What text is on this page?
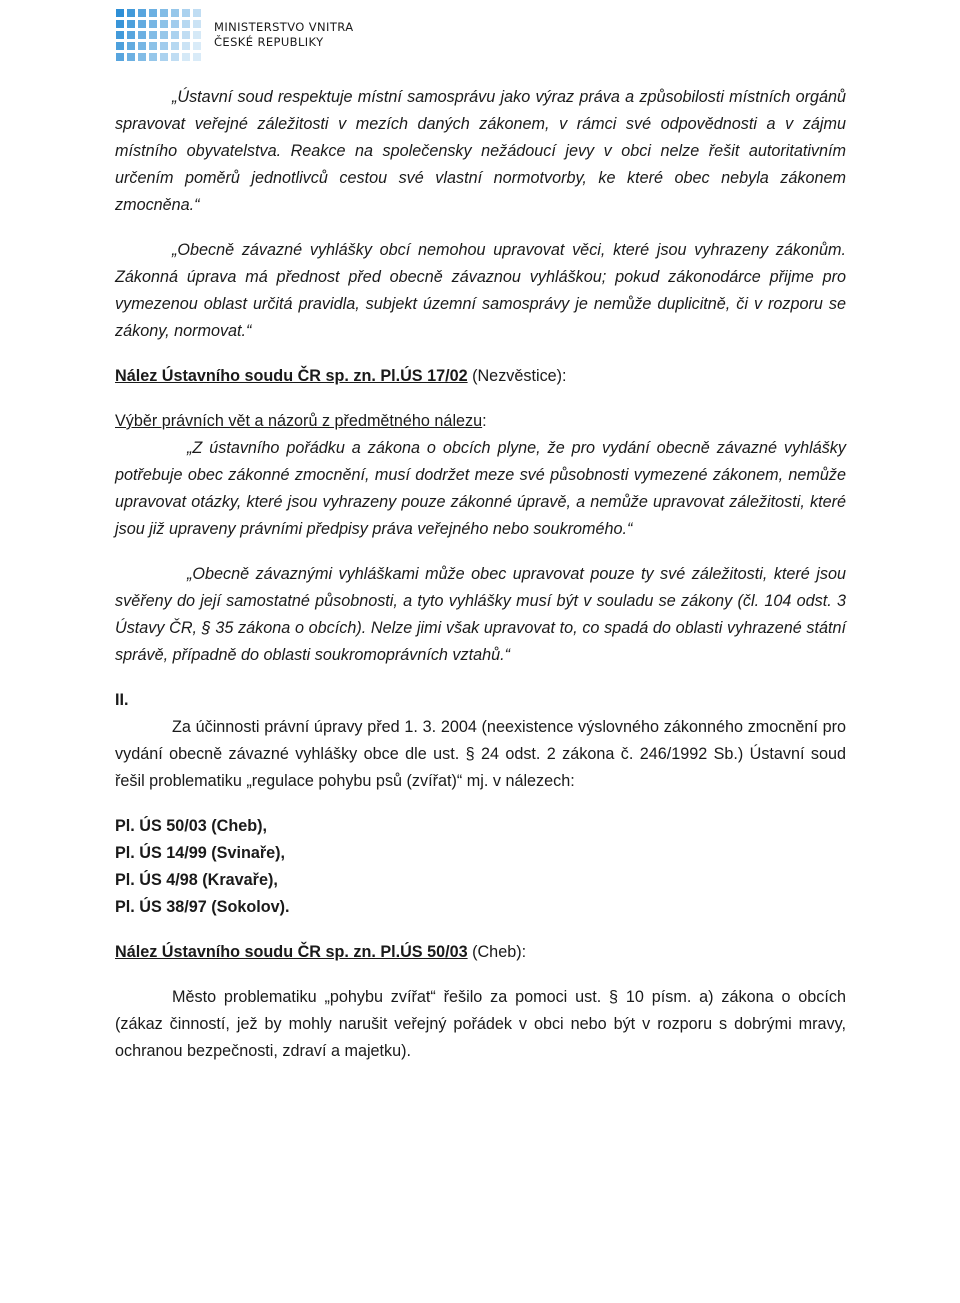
MINISTERSTVO VNITRA
ČESKÉ REPUBLIKY

„Ústavní soud respektuje místní samosprávu jako výraz práva a způsobilosti místních orgánů spravovat veřejné záležitosti v mezích daných zákonem, v rámci své odpovědnosti a v zájmu místního obyvatelstva. Reakce na společensky nežádoucí jevy v obci nelze řešit autoritativním určením poměrů jednotlivců cestou své vlastní normotvorby, ke které obec nebyla zákonem zmocněna.“

„Obecně závazné vyhlášky obcí nemohou upravovat věci, které jsou vyhrazeny zákonům. Zákonná úprava má přednost před obecně závaznou vyhláškou; pokud zákonodárce přijme pro vymezenou oblast určitá pravidla, subjekt územní samosprávy je nemůže duplicitně, či v rozporu se zákony, normovat.“

Nález Ústavního soudu ČR sp. zn. Pl.ÚS 17/02 (Nezvěstice):

Výběr právních vět a názorů z předmětného nálezu:

„Z ústavního pořádku a zákona o obcích plyne, že pro vydání obecně závazné vyhlášky potřebuje obec zákonné zmocnění, musí dodržet meze své působnosti vymezené zákonem, nemůže upravovat otázky, které jsou vyhrazeny pouze zákonné úpravě, a nemůže upravovat záležitosti, které jsou již upraveny právními předpisy práva veřejného nebo soukromého.“

„Obecně závaznými vyhláškami může obec upravovat pouze ty své záležitosti, které jsou svěřeny do její samostatné působnosti, a tyto vyhlášky musí být v souladu se zákony (čl. 104 odst. 3 Ústavy ČR, § 35 zákona o obcích). Nelze jimi však upravovat to, co spadá do oblasti vyhrazené státní správě, případně do oblasti soukromoprávních vztahů.“

II.

Za účinnosti právní úpravy před 1. 3. 2004 (neexistence výslovného zákonného zmocnění pro vydání obecně závazné vyhlášky obce dle ust. § 24 odst. 2 zákona č. 246/1992 Sb.) Ústavní soud řešil problematiku „regulace pohybu psů (zvířat)“ mj. v nálezech:

Pl. ÚS 50/03 (Cheb),
Pl. ÚS 14/99 (Svinaře),
Pl. ÚS 4/98 (Kravaře),
Pl. ÚS 38/97 (Sokolov).

Nález Ústavního soudu ČR sp. zn. Pl.ÚS 50/03 (Cheb):

Město problematiku „pohybu zvířat“ řešilo za pomoci ust. § 10 písm. a) zákona o obcích (zákaz činností, jež by mohly narušit veřejný pořádek v obci nebo být v rozporu s dobrými mravy, ochranou bezpečnosti, zdraví a majetku).
